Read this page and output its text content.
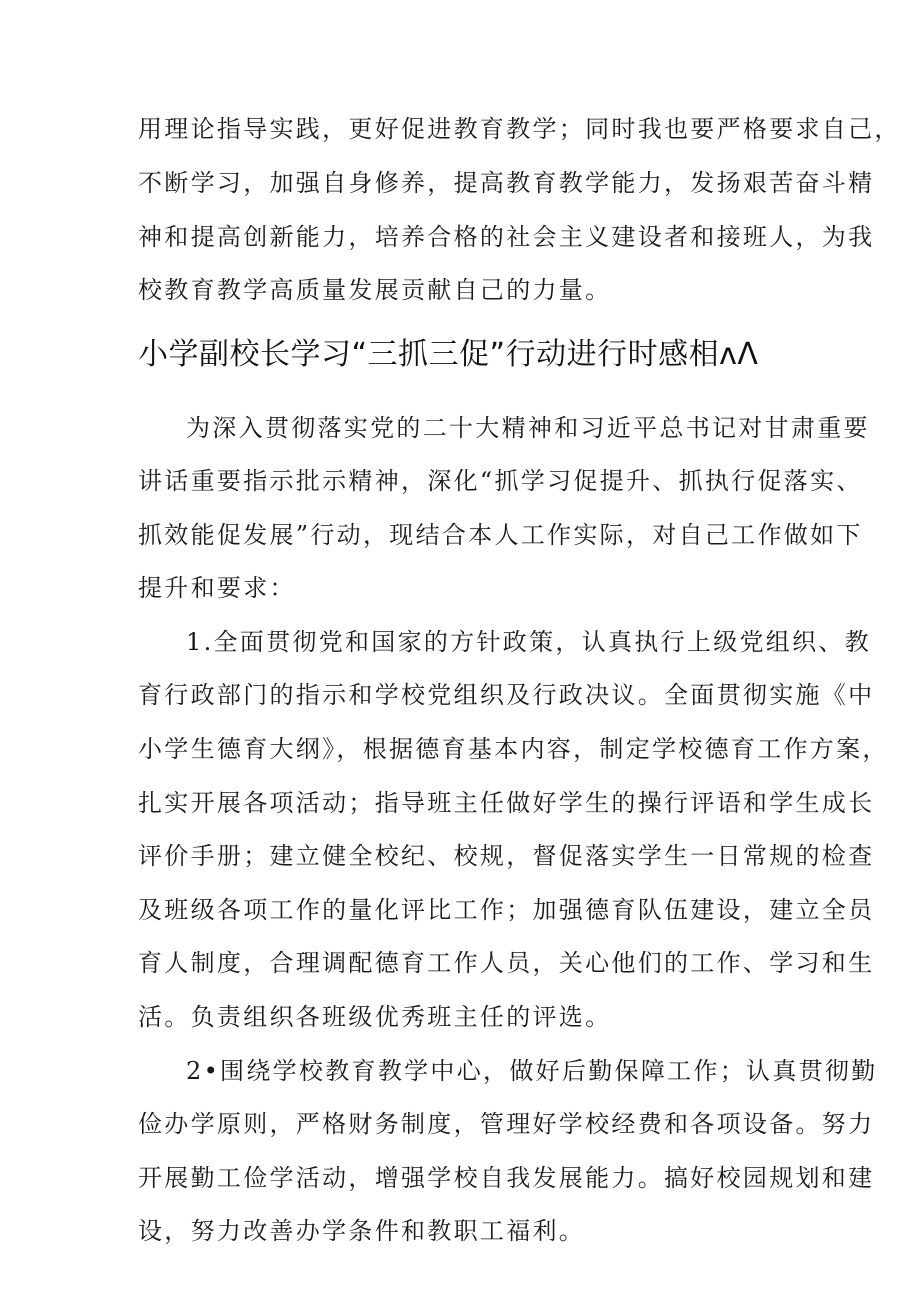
用理论指导实践，更好促进教育教学；同时我也要严格要求自己，
不断学习，加强自身修养，提高教育教学能力，发扬艰苦奋斗精
神和提高创新能力，培养合格的社会主义建设者和接班人，为我
校教育教学高质量发展贡献自己的力量。
小学副校长学习“三抓三促”行动进行时感相ʌɅ
为深入贯彻落实党的二十大精神和习近平总书记对甘肃重要
讲话重要指示批示精神，深化“抓学习促提升、抓执行促落实、
抓效能促发展”行动，现结合本人工作实际，对自己工作做如下
提升和要求：
1.全面贯彻党和国家的方针政策，认真执行上级党组织、教
育行政部门的指示和学校党组织及行政决议。全面贯彻实施《中
小学生德育大纲》，根据德育基本内容，制定学校德育工作方案，
扎实开展各项活动；指导班主任做好学生的操行评语和学生成长
评价手册；建立健全校纪、校规，督促落实学生一日常规的检查
及班级各项工作的量化评比工作；加强德育队伍建设，建立全员
育人制度，合理调配德育工作人员，关心他们的工作、学习和生
活。负责组织各班级优秀班主任的评选。
2•围绕学校教育教学中心，做好后勤保障工作；认真贯彻勤
俭办学原则，严格财务制度，管理好学校经费和各项设备。努力
开展勤工俭学活动，增强学校自我发展能力。搞好校园规划和建
设，努力改善办学条件和教职工福利。
